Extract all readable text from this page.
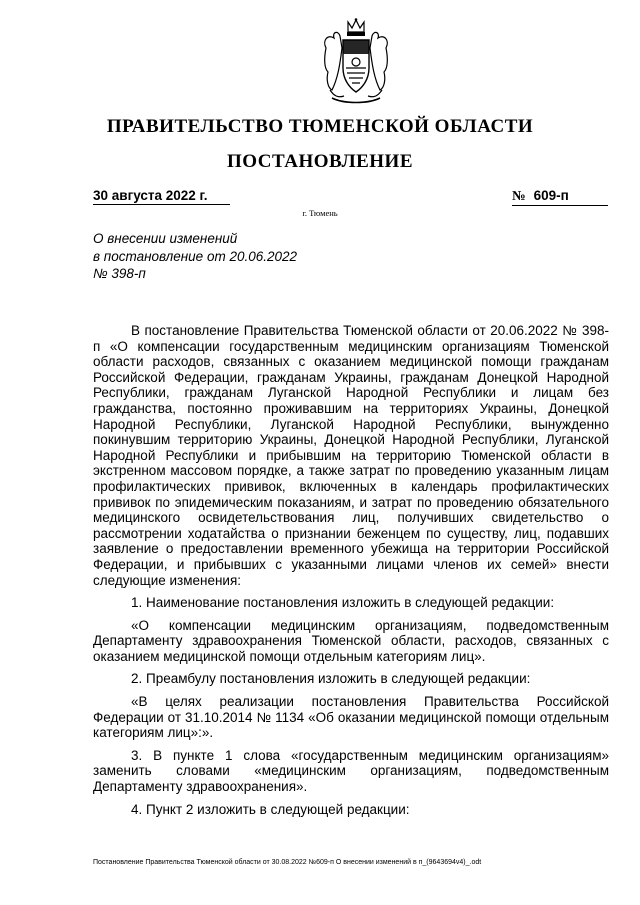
ПРАВИТЕЛЬСТВО ТЮМЕНСКОЙ ОБЛАСТИ
ПОСТАНОВЛЕНИЕ
30 августа 2022 г.	№ 609-п
г. Тюмень
О внесении изменений
в постановление от 20.06.2022
№ 398-п

В постановление Правительства Тюменской области от 20.06.2022 № 398-п «О компенсации государственным медицинским организациям Тюменской области расходов, связанных с оказанием медицинской помощи гражданам Российской Федерации, гражданам Украины, гражданам Донецкой Народной Республики, гражданам Луганской Народной Республики и лицам без гражданства, постоянно проживавшим на территориях Украины, Донецкой Народной Республики, Луганской Народной Республики, вынужденно покинувшим территорию Украины, Донецкой Народной Республики, Луганской Народной Республики и прибывшим на территорию Тюменской области в экстренном массовом порядке, а также затрат по проведению указанным лицам профилактических прививок, включенных в календарь профилактических прививок по эпидемическим показаниям, и затрат по проведению обязательного медицинского освидетельствования лиц, получивших свидетельство о рассмотрении ходатайства о признании беженцем по существу, лиц, подавших заявление о предоставлении временного убежища на территории Российской Федерации, и прибывших с указанными лицами членов их семей» внести следующие изменения:

1. Наименование постановления изложить в следующей редакции:

«О компенсации медицинским организациям, подведомственным Департаменту здравоохранения Тюменской области, расходов, связанных с оказанием медицинской помощи отдельным категориям лиц».

2. Преамбулу постановления изложить в следующей редакции:

«В целях реализации постановления Правительства Российской Федерации от 31.10.2014 № 1134 «Об оказании медицинской помощи отдельным категориям лиц»:».

3. В пункте 1 слова «государственным медицинским организациям» заменить словами «медицинским организациям, подведомственным Департаменту здравоохранения».

4. Пункт 2 изложить в следующей редакции:

Постановление Правительства Тюменской области от 30.08.2022 №609-п О внесении изменений в п_(9643694v4)_.odt
